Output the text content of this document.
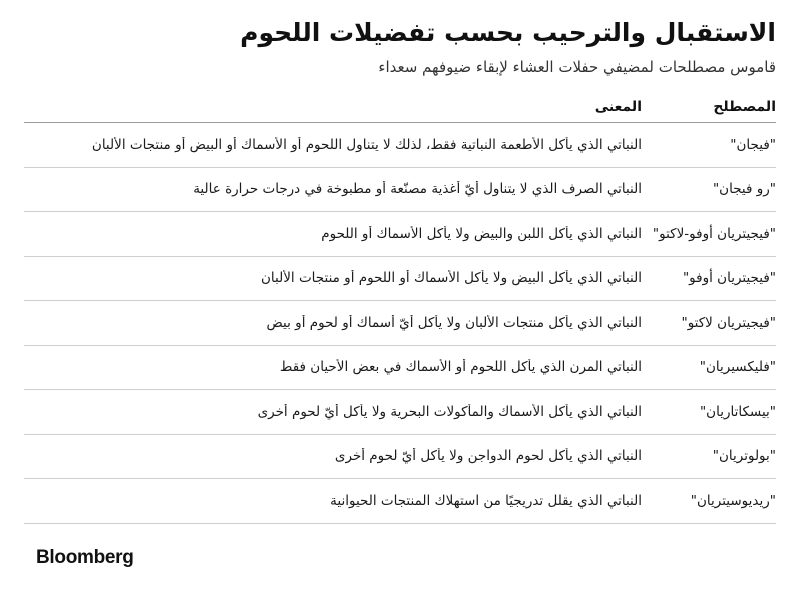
الاستقبال والترحيب بحسب تفضيلات اللحوم
قاموس مصطلحات لمضيفي حفلات العشاء لإبقاء ضيوفهم سعداء
المصطلح
المعنى
"فيجان"
النباتي الذي يأكل الأطعمة النباتية فقط، لذلك لا يتناول اللحوم أو الأسماك أو البيض أو منتجات الألبان
"رو فيجان"
النباتي الصرف الذي لا يتناول أيّ أغذية مصنّعة أو مطبوخة في درجات حرارة عالية
"فيجيتريان أوفو-لاكتو"
النباتي الذي يأكل اللبن والبيض ولا يأكل الأسماك أو اللحوم
"فيجيتريان أوفو"
النباتي الذي يأكل البيض ولا يأكل الأسماك أو اللحوم أو منتجات الألبان
"فيجيتريان لاكتو"
النباتي الذي يأكل منتجات الألبان ولا يأكل أيّ أسماك أو لحوم أو بيض
"فليكسيريان"
النباتي المرن الذي يأكل اللحوم أو الأسماك في بعض الأحيان فقط
"بيسكاتاريان"
النباتي الذي يأكل الأسماك والمأكولات البحرية ولا يأكل أيّ لحوم أخرى
"بولوتريان"
النباتي الذي يأكل لحوم الدواجن ولا يأكل أيّ لحوم أخرى
"ريديوسيتريان"
النباتي الذي يقلل تدريجيًا من استهلاك المنتجات الحيوانية
Bloomberg
